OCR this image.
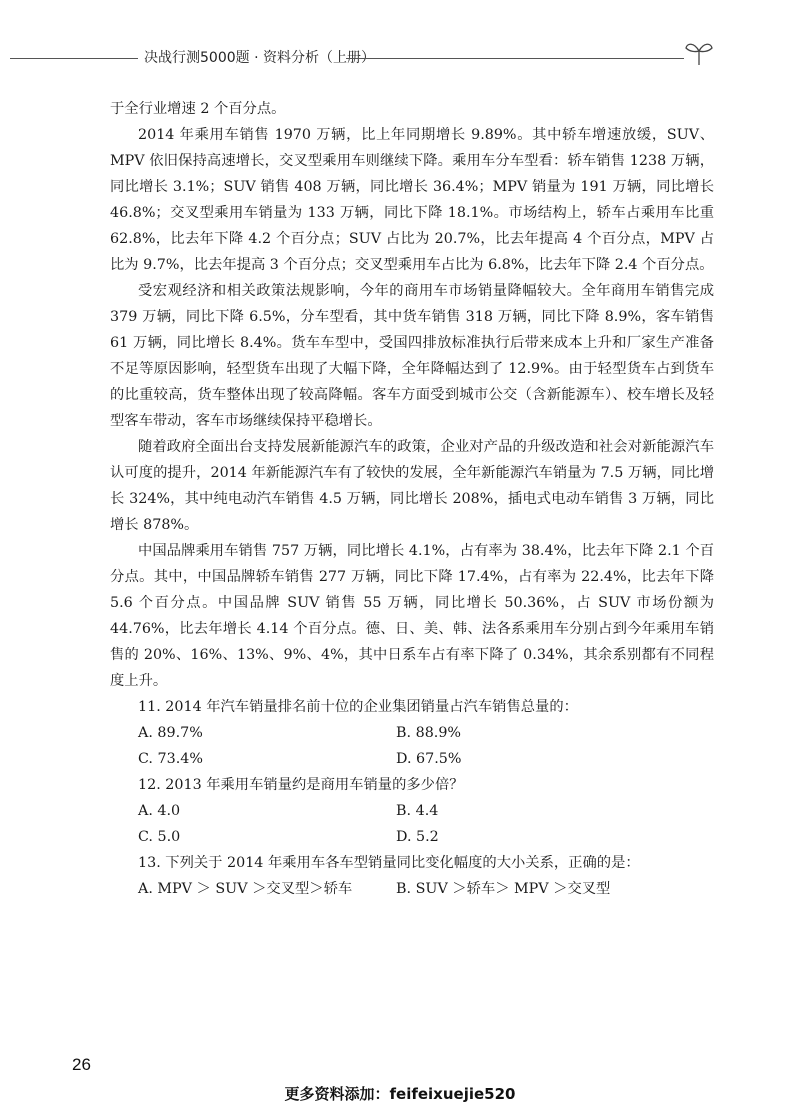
决战行测5000题 · 资料分析（上册）

于全行业增速 2 个百分点。

2014 年乘用车销售 1970 万辆，比上年同期增长 9.89%。其中轿车增速放缓，SUV、MPV 依旧保持高速增长，交叉型乘用车则继续下降。乘用车分车型看：轿车销售 1238 万辆，同比增长 3.1%；SUV 销售 408 万辆，同比增长 36.4%；MPV 销量为 191 万辆，同比增长 46.8%；交叉型乘用车销量为 133 万辆，同比下降 18.1%。市场结构上，轿车占乘用车比重 62.8%，比去年下降 4.2 个百分点；SUV 占比为 20.7%，比去年提高 4 个百分点，MPV 占比为 9.7%，比去年提高 3 个百分点；交叉型乘用车占比为 6.8%，比去年下降 2.4 个百分点。

受宏观经济和相关政策法规影响，今年的商用车市场销量降幅较大。全年商用车销售完成 379 万辆，同比下降 6.5%，分车型看，其中货车销售 318 万辆，同比下降 8.9%，客车销售 61 万辆，同比增长 8.4%。货车车型中，受国四排放标准执行后带来成本上升和厂家生产准备不足等原因影响，轻型货车出现了大幅下降，全年降幅达到了 12.9%。由于轻型货车占到货车的比重较高，货车整体出现了较高降幅。客车方面受到城市公交（含新能源车）、校车增长及轻型客车带动，客车市场继续保持平稳增长。

随着政府全面出台支持发展新能源汽车的政策，企业对产品的升级改造和社会对新能源汽车认可度的提升，2014 年新能源汽车有了较快的发展，全年新能源汽车销量为 7.5 万辆，同比增长 324%，其中纯电动汽车销售 4.5 万辆，同比增长 208%，插电式电动车销售 3 万辆，同比增长 878%。

中国品牌乘用车销售 757 万辆，同比增长 4.1%，占有率为 38.4%，比去年下降 2.1 个百分点。其中，中国品牌轿车销售 277 万辆，同比下降 17.4%，占有率为 22.4%，比去年下降 5.6 个百分点。中国品牌 SUV 销售 55 万辆，同比增长 50.36%，占 SUV 市场份额为 44.76%，比去年增长 4.14 个百分点。德、日、美、韩、法各系乘用车分别占到今年乘用车销售的 20%、16%、13%、9%、4%，其中日系车占有率下降了 0.34%，其余系别都有不同程度上升。

11. 2014 年汽车销量排名前十位的企业集团销量占汽车销售总量的：

A. 89.7%	B. 88.9%
C. 73.4%	D. 67.5%

12. 2013 年乘用车销量约是商用车销量的多少倍？

A. 4.0	B. 4.4
C. 5.0	D. 5.2

13. 下列关于 2014 年乘用车各车型销量同比变化幅度的大小关系，正确的是：

A. MPV ＞ SUV ＞交叉型＞轿车	B. SUV ＞轿车＞ MPV ＞交叉型
26
更多资料添加：feifeixuejie520
